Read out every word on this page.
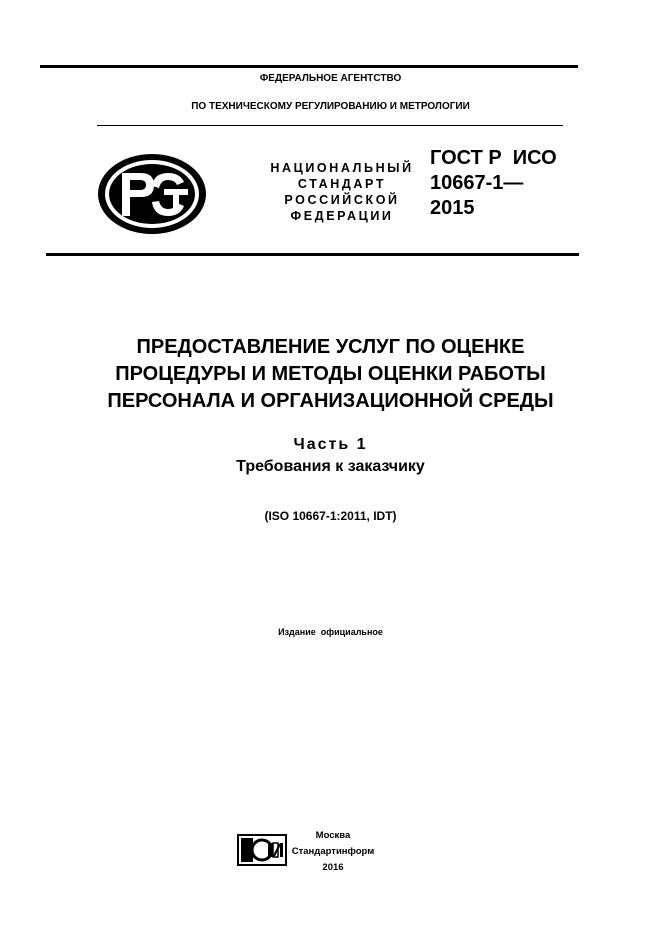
ФЕДЕРАЛЬНОЕ АГЕНТСТВО
ПО ТЕХНИЧЕСКОМУ РЕГУЛИРОВАНИЮ И МЕТРОЛОГИИ
НАЦИОНАЛЬНЫЙ
СТАНДАРТ
РОССИЙСКОЙ
ФЕДЕРАЦИИ
ГОСТ Р  ИСО
10667-1—
2015
ПРЕДОСТАВЛЕНИЕ УСЛУГ ПО ОЦЕНКЕ
ПРОЦЕДУРЫ И МЕТОДЫ ОЦЕНКИ РАБОТЫ
ПЕРСОНАЛА И ОРГАНИЗАЦИОННОЙ СРЕДЫ
Часть 1
Требования к заказчику
(ISO 10667-1:2011, IDT)
Издание  официальное
Москва
Стандартинформ
2016
